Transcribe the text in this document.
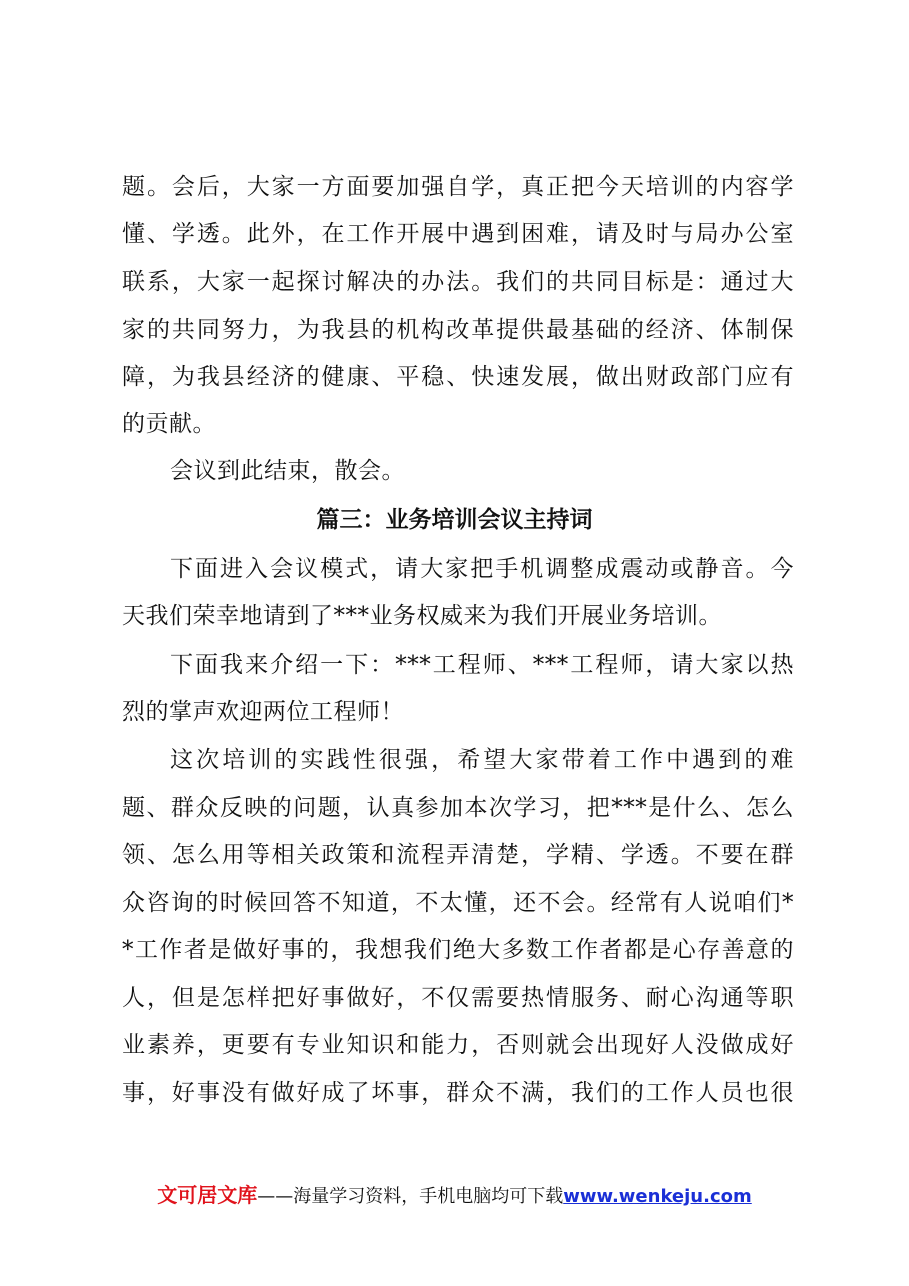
题。会后，大家一方面要加强自学，真正把今天培训的内容学
懂、学透。此外，在工作开展中遇到困难，请及时与局办公室
联系，大家一起探讨解决的办法。我们的共同目标是：通过大
家的共同努力，为我县的机构改革提供最基础的经济、体制保
障，为我县经济的健康、平稳、快速发展，做出财政部门应有
的贡献。
会议到此结束，散会。
篇三：业务培训会议主持词
下面进入会议模式，请大家把手机调整成震动或静音。今
天我们荣幸地请到了***业务权威来为我们开展业务培训。
下面我来介绍一下：***工程师、***工程师，请大家以热
烈的掌声欢迎两位工程师！
这次培训的实践性很强，希望大家带着工作中遇到的难
题、群众反映的问题，认真参加本次学习，把***是什么、怎么
领、怎么用等相关政策和流程弄清楚，学精、学透。不要在群
众咨询的时候回答不知道，不太懂，还不会。经常有人说咱们*
*工作者是做好事的，我想我们绝大多数工作者都是心存善意的
人，但是怎样把好事做好，不仅需要热情服务、耐心沟通等职
业素养，更要有专业知识和能力，否则就会出现好人没做成好
事，好事没有做好成了坏事，群众不满，我们的工作人员也很
文可居文库——海量学习资料，手机电脑均可下载www.wenkeju.com
